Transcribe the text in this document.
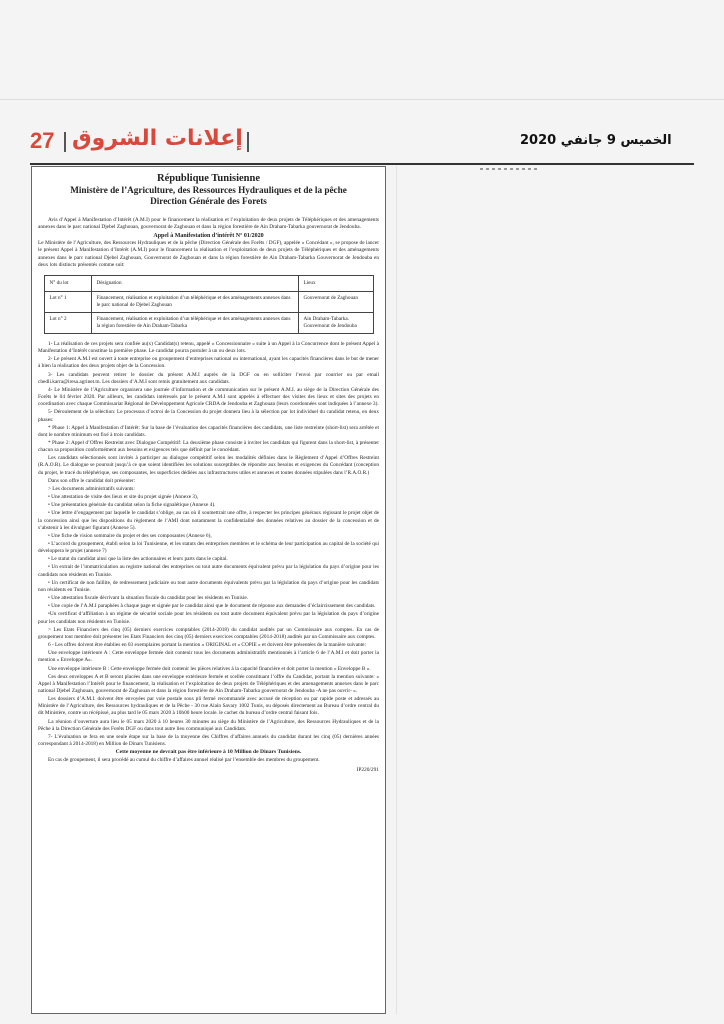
27 إعلانات الشروق	الخميس 9 جانفي 2020
République Tunisienne
Ministère de l’Agriculture, des Ressources Hydrauliques et de la pêche
Direction Générale des Forets

Avis d’Appel à Manifestation d’Intérêt (A.M.I) pour le financement la réalisation et l’exploitation de deux projets de Téléphériques et des amenagements annexes dans le parc national Djebel Zaghouan, gouvernorat de Zaghouan et dans la région forestière de Ain Draham-Tabarka gouvernorat de Jendouba.

Appel à Manifestation d’intérêt N° 01/2020

Le Ministère de l’Agriculture, des Ressources Hydrauliques et de la pêche (Direction Générale des Forêts / DGF), appelée « Concédant », se propose de lancer le présent Appel à Manifestation d’Intérêt (A.M.I) pour le financement la réalisation et l’exploitation de deux projets de Téléphériques et des aménagements annexes dans le parc national Djebel Zaghouan, Gouvernorat de Zaghouan et dans la région forestière de Ain Draham-Tabarka Gouvernorat de Jendouba en deux lots distincts présentés comme suit:

N° du lot	Désignation	Lieux
Lot n° 1	Financement, réalisation et exploitation d’un téléphérique et des aménagements annexes dans le parc national de Djebel Zaghouan	Gouvernorat de Zaghouan
Lot n° 2	Financement, réalisation et exploitation d’un téléphérique et des aménagements annexes dans la région forestière de Ain Draham-Tabarka	Ain Draham-Tabarka. Gouvernorat de Jendouba

1- La réalisation de ces projets sera confiée au(x) Candidat(s) retenu, appelé « Concessionnaire » suite à un Appel à la Concurrence dont le présent Appel à Manifestation d’Intérêt constitue la première phase. Le candidat pourra postuler à un ou deux lots.

2- Le présent A.M.I est ouvert à toute entreprise ou groupement d’entreprises national ou international, ayant les capacités financières dans le but de mener à bien la réalisation des deux projets objet de la Concession.

3- Les candidats peuvent retirer le dossier du présent A.M.I auprès de la DGF ou en solliciter l’envoi par courrier ou par email chedli.karra@iresa.agrinet.tn. Les dossiers d’A.M.I sont remis gratuitement aux candidats.

4- Le Ministère de l’Agriculture organisera une journée d’information et de communication sur le présent A.M.I. au siège de la Direction Générale des Forêts le 04 février 2020. Par ailleurs, les candidats intéressés par le présent A.M.I sont appelés à effectuer des visites des lieux et sites des projets en coordination avec chaque Commissariat Régional de Développement Agricole CRDA de Jendouba et Zaghouan (leurs coordonnées sont indiquées à l’annexe 3).

5- Déroulement de la sélection: Le processus d’octroi de la Concession du projet donnera lieu à la sélection par lot individuel du candidat retenu, en deux phases:

* Phase 1: Appel à Manifestation d’Intérêt: Sur la base de l’évaluation des capacités financières des candidats, une liste restreinte (short-list) sera arrêtée et dont le nombre minimum est fixé à trois candidats.

* Phase 2: Appel d’Offres Restreint avec Dialogue Compétitif: La deuxième phase consiste à inviter les candidats qui figurent dans la short-list, à présenter chacun sa proposition conformément aux besoins et exigences tels que définit par le concédant.

Les candidats sélectionnés sont invités à participer au dialogue compétitif selon les modalités définies dans le Règlement d’Appel d’Offres Restreint (R.A.O.R). Le dialogue se poursuit jusqu’à ce que soient identifiées les solutions susceptibles de répondre aux besoins et exigences du Concédant (conception du projet, le tracé du téléphérique, ses composantes, les superficies dédiées aux infrastructures utiles et annexes et toutes données stipulées dans l’R.A.O.R.)

Dans son offre le candidat doit présenter:

> Les documents administratifs suivants:

• Une attestation de visite des lieux et site du projet signée (Annexe 3),

• Une présentation générale du candidat selon la fiche signalétique (Annexe 4).

• Une lettre d’engagement par laquelle le candidat s’oblige, au cas où il soumettrait une offre, à respecter les principes généraux régissant le projet objet de la concession ainsi que les dispositions du règlement de l’AMI dont notamment la confidentialité des données relatives au dossier de la concession et de s’abstenir à les divulguer figurant (Annexe 5).

• Une fiche de vision sommaire du projet et des ses composantes (Annexe 6),

• L’accord du groupement, établi selon la loi Tunisienne, et les statuts des entreprises membres et le schéma de leur participation au capital de la société qui développera le projet (annexe 7)

• Le statut du candidat ainsi que la liste des actionnaires et leurs parts dans le capital.

• Un extrait de l’immatriculation au registre national des entreprises ou tout autre documents équivalent prévu par la législation du pays d’origine pour les candidats non résidents en Tunisie.

• Un certificat de non faillite, de redressement judiciaire ou tout autre documents équivalents prévu par la législation du pays d’origine pour les candidats non résidents en Tunisie.

• Une attestation fiscale décrivant la situation fiscale du candidat pour les résidents en Tunisie.

• Une copie de l’A.M.I paraphées à chaque page et signée par le candidat ainsi que le document de réponse aux demandes d’éclaircissement des candidats.

•Un certificat d’affiliation à un régime de sécurité sociale pour les résidents ou tout autre document équivalent prévu par la législation du pays d’origine pour les candidats non résidents en Tunisie.

> Les Etats Financiers des cinq (05) derniers exercices comptables (2014-2018) du candidat audités par un Commissaire aux comptes. En cas de groupement tout membre doit présenter les Etats Financiers des cinq (05) derniers exercices comptables (2014-2018) audités par un Commissaire aux comptes.

6 - Les offres doivent être établies en 03 exemplaires portant la mention « ORIGINAL et « COPIE » et doivent être présentées de la manière suivante:

Une enveloppe intérieure A : Cette enveloppe fermée doit contenir tous les documents administratifs mentionnés à l’article 6 de l’A.M.I et doit porter la mention « Enveloppe A».

Une enveloppe intérieure B : Cette enveloppe fermée doit contenir les pièces relatives à la capacité financière et doit porter la mention « Enveloppe B ».

Ces deux enveloppes A et B seront placées dans une enveloppe extérieure fermée et scellée constituant l’offre du Candidat, portant la mention suivante: « Appel à Manifestation l’Intérêt pour le financement, la réalisation et l’exploitation de deux projets de Téléphériques et des amenagements annexes dans le parc national Djebel Zaghouan, gouvernorat de Zaghouan et dans la région forestière de Ain Draham-Tabarka gouvernorat de Jendouba -A ne pas ouvrir- ».

Les dossiers d’A.M.I. doivent être envoyées par voie postale sous pli fermé recommandé avec accusé de réception ou par rapide poste et adressés au Ministère de l’Agriculture, des Ressources hydrauliques et de la Pêche - 30 rue Alain Savary 1002 Tunis, ou déposés directement au Bureau d’ordre central du dit Ministère, contre un récépissé, au plus tard le 05 mars 2020 à 10h00 heure locale. le cachet du bureau d’ordre central faisant fois.

La réunion d’ouverture aura lieu le 05 mars 2020 à 10 heures 30 minutes au siège du Ministère de l’Agriculture, des Ressources Hydrauliques et de la Pêche à la Direction Générale des Forêts DGF ou dans tout autre lieu communiqué aux Candidats.

7- L’évaluation se fera en une seule étape sur la base de la moyenne des Chiffres d’affaires annuels du candidat durant les cinq (05) dernières années correspondant à 2014-2018) en Million de Dinars Tunisiens.

Cette moyenne ne devrait pas être inférieure à 10 Million de Dinars Tunisiens.

En cas de groupement, il sera procédé au cumul du chiffre d’affaires annuel réalisé par l’ensemble des membres du groupement.

IP220/291
